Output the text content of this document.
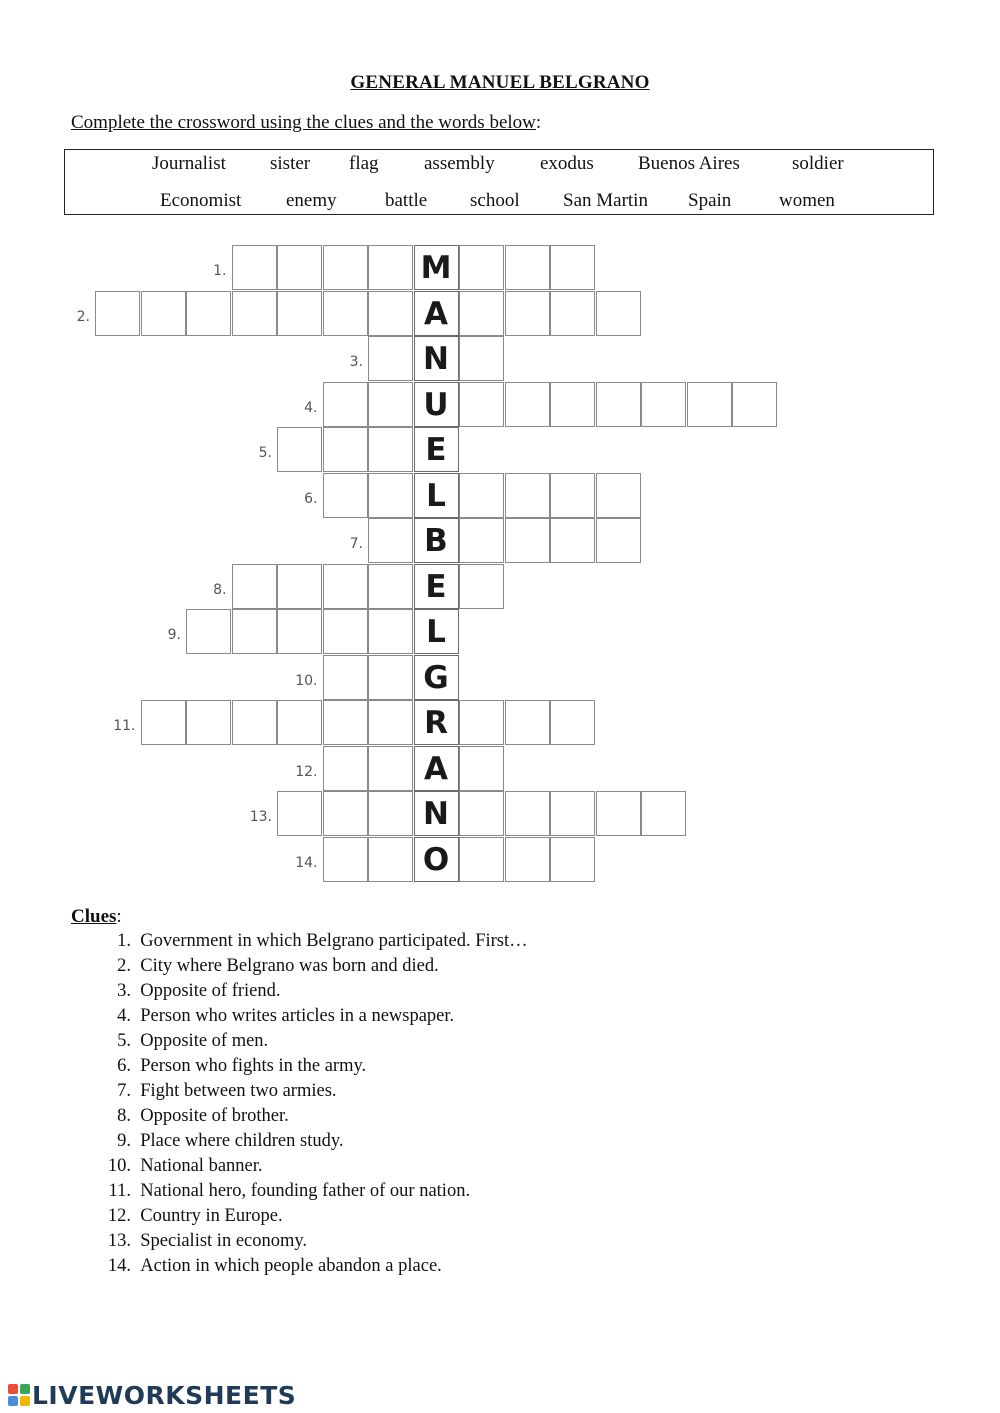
GENERAL MANUEL BELGRANO
Complete the crossword using the clues and the words below:
Journalist sister flag assembly exodus Buenos Aires	soldier
Economist enemy	battle school San Martin Spain	women
M
1.
A
2.
N
3.
U
4.
E
5.
L
6.
B
7.
E
8.
L
9.
G
10.
R
11.
A
12.
N
13.
O
14.
Clues:
1.  Government in which Belgrano participated. First…
2.  City where Belgrano was born and died.
3.  Opposite of friend.
4.  Person who writes articles in a newspaper.
5.  Opposite of men.
6.  Person who fights in the army.
7.  Fight between two armies.
8.  Opposite of brother.
9.  Place where children study.
10.  National banner.
11.  National hero, founding father of our nation.
12.  Country in Europe.
13.  Specialist in economy.
14.  Action in which people abandon a place.
LIVEWORKSHEETS
